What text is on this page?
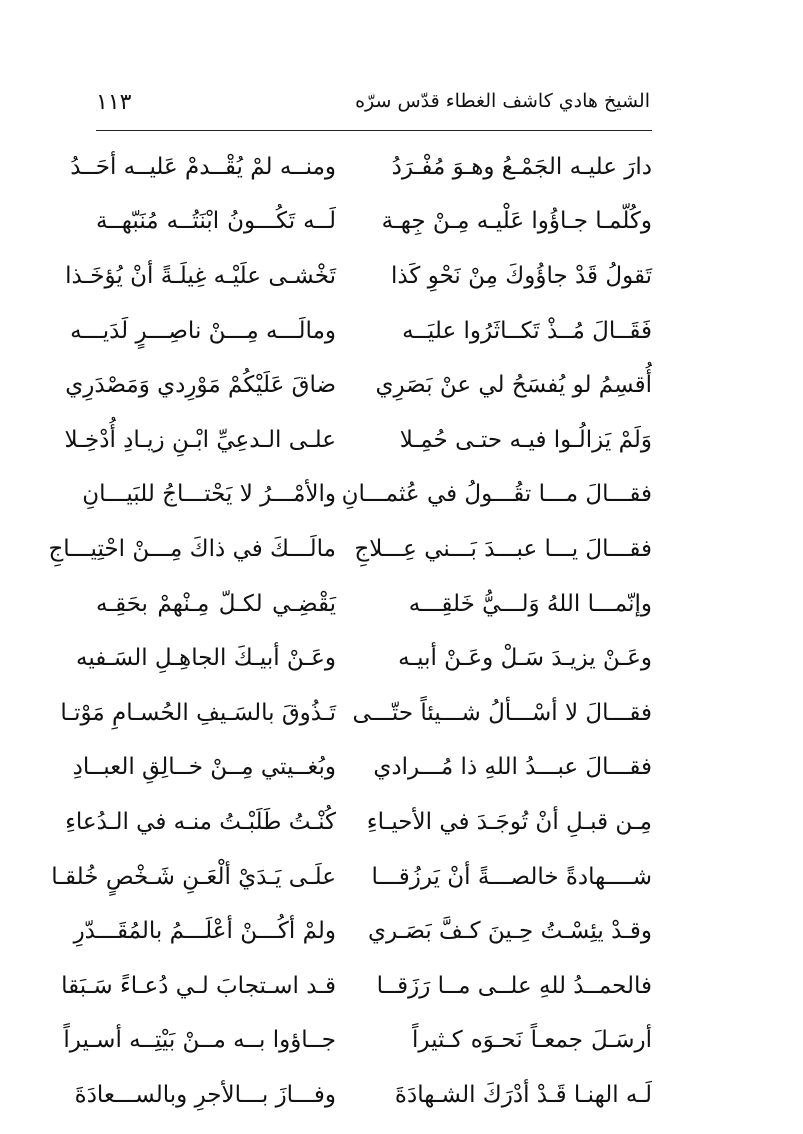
١١٣	الشيخ هادي كاشف الغطاء قدّس سرّه
دارَ عليـه الجَمْـعُ وهـوَ مُفْـرَدُ
ومنــه لمْ يُقْــدمْ عَليــه أحَــدُ
وكُلّمـا جـاؤُوا عَلْيـه مِـنْ جِهـة
لَــه تَكُـــونُ ابْنَتُــه مُنَبّهــة
تَقولُ قَدْ جاؤُوكَ مِنْ نَحْوِ كَذا
تَخْشـى علَيْـه غِيلَـةً أنْ يُؤخَـذا
فَقَــالَ مُــذْ تَكــاثَرُوا عليَــه
ومالَـــه مِـــنْ ناصِـــرٍ لَدَيـــه
أُقسِمُ لو يُفسَحُ لي عنْ بَصَرِي
ضاقَ عَلَيْكُمْ مَوْرِدي وَمَصْدَرِي
وَلَمْ يَزالُـوا فيـه حتـى حُمِـلا
علـى الـدعِيِّ ابْـنِ زيـادِ أُدْخِـلا
فقـــالَ مـــا تقُـــولُ في عُثمـــانِ
والأمْـــرُ لا يَحْتـــاجُ للبَيـــانِ
فقـــالَ يـــا عبـــدَ بَـــني عِـــلاجِ
مالَـــكَ في ذاكَ مِـــنْ احْتِيـــاجِ
وإنّمـــا اللهُ وَلـــيُّ خَلقِـــه
يَقْضِـي لكـلّ مِـنْهمْ بحَقِـه
وعَـنْ يزيـدَ سَـلْ وعَـنْ أبيـه
وعَـنْ أبيـكَ الجاهِـلِ السَـفيه
فقـــالَ لا أسْـــألُ شـــيئاً حتّـــى
تَـذُوقَ بالسَـيفِ الحُسـامِ مَوْتـا
فقـــالَ عبـــدُ اللهِ ذا مُـــرادي
وبُغــيتي مِــنْ خــالِقِ العبــادِ
مِـن قبـلِ أنْ تُوجَـدَ في الأحيـاءِ
كُنْـتُ طَلَبْـتُ منـه في الـدُعاءِ
شــــهادةً خالصـــةً أنْ يَرزُقـــا
علَـى يَـدَيْ ألْعَـنِ شَـخْصٍ خُلقـا
وقـدْ يئِسْـتُ حِـينَ كـفَّ بَصَـري
ولمْ أكُـــنْ أعْلَـــمُ بالمُقَـــدّرِ
فالحمــدُ للهِ علــى مــا رَزَقــا
قـد اسـتجابَ لـي دُعـاءً سَـبَقا
أرسَـلَ جمعـاً نَحـوَه كـثيراً
جــاؤوا بــه مــنْ بَيْتِــه أسـيراً
لَـه الهنـا قَـدْ أدْرَكَ الشـهادَةَ
وفـــازَ بـــالأجرِ وبالســـعادَةَ
